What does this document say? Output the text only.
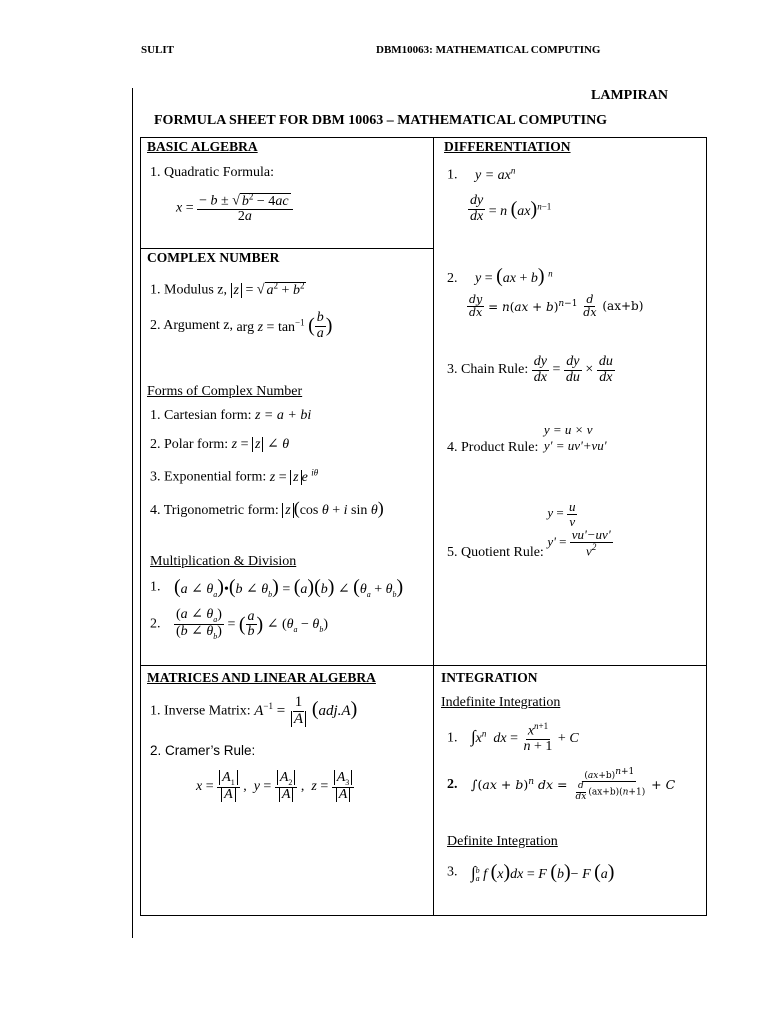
SULIT	DBM10063: MATHEMATICAL COMPUTING
LAMPIRAN
FORMULA SHEET FOR DBM 10063 – MATHEMATICAL COMPUTING
BASIC ALGEBRA
1. Quadratic Formula:
$x = \frac{- b \pm √ b^2 - 4ac}{2a}$
COMPLEX NUMBER
1. Modulus z, z = √ $a^2 + b^2$
2. Argument z, arg $z = \tan^{-1}$ ( $\frac{b}{a}$ )
Forms of Complex Number
1. Cartesian form: z = a + bi
2. Polar form: z = z ∠ θ
3. Exponential form: z = z e $^{i\theta}$
4. Trigonometric form: z (cos θ + i sin θ)
Multiplication & Division
1. (a ∠ $\theta_a)•(b$ ∠ $\theta_b) = (a)(b)$ ∠ $(\theta_a + \theta_b)$
2. $\frac{(a \angle \theta_a)}{(b \angle \theta_b)}$ = ( $\frac{a}{b}$ ) ∠ $(\theta_a - \theta_b)$
DIFFERENTIATION
1. $y = ax^n$
$\frac{dy}{dx} = n$ (ax)$^{n-1}$
2. y = (ax + b) $^n$
$\frac{dy}{dx} = n(ax + b)^{n-1} \frac{d}{dx} (ax+b)$
3. Chain Rule: $\frac{dy}{dx} = \frac{dy}{du} \times \frac{du}{dx}$
4. Product Rule:
y = u × v
y' = uv'+vu'
5. Quotient Rule:
$y = \frac{u}{v}$
$y' = \frac{vu'-uv'}{v^2}$
MATRICES AND LINEAR ALGEBRA
1. Inverse Matrix: $A^{-1} = \frac{1}{A} (adj.A)$
2. Cramer’s Rule:
$x = \frac{A_1}{A}$ ,  $y = \frac{A_2}{A}$ ,  $z = \frac{A_3}{A}$
INTEGRATION
Indefinite Integration
1. $\int x^n$ dx = $\frac{x^{n+1}}{n + 1} + C$
2. ∫(ax + b)$^n$ dx = $\frac{(ax+b)n+1}{\frac{d}{dx} (ax+b)(n+1)} + C$
Definite Integration
3. ∫ b
a f (x)dx = F (b)− F (a)
